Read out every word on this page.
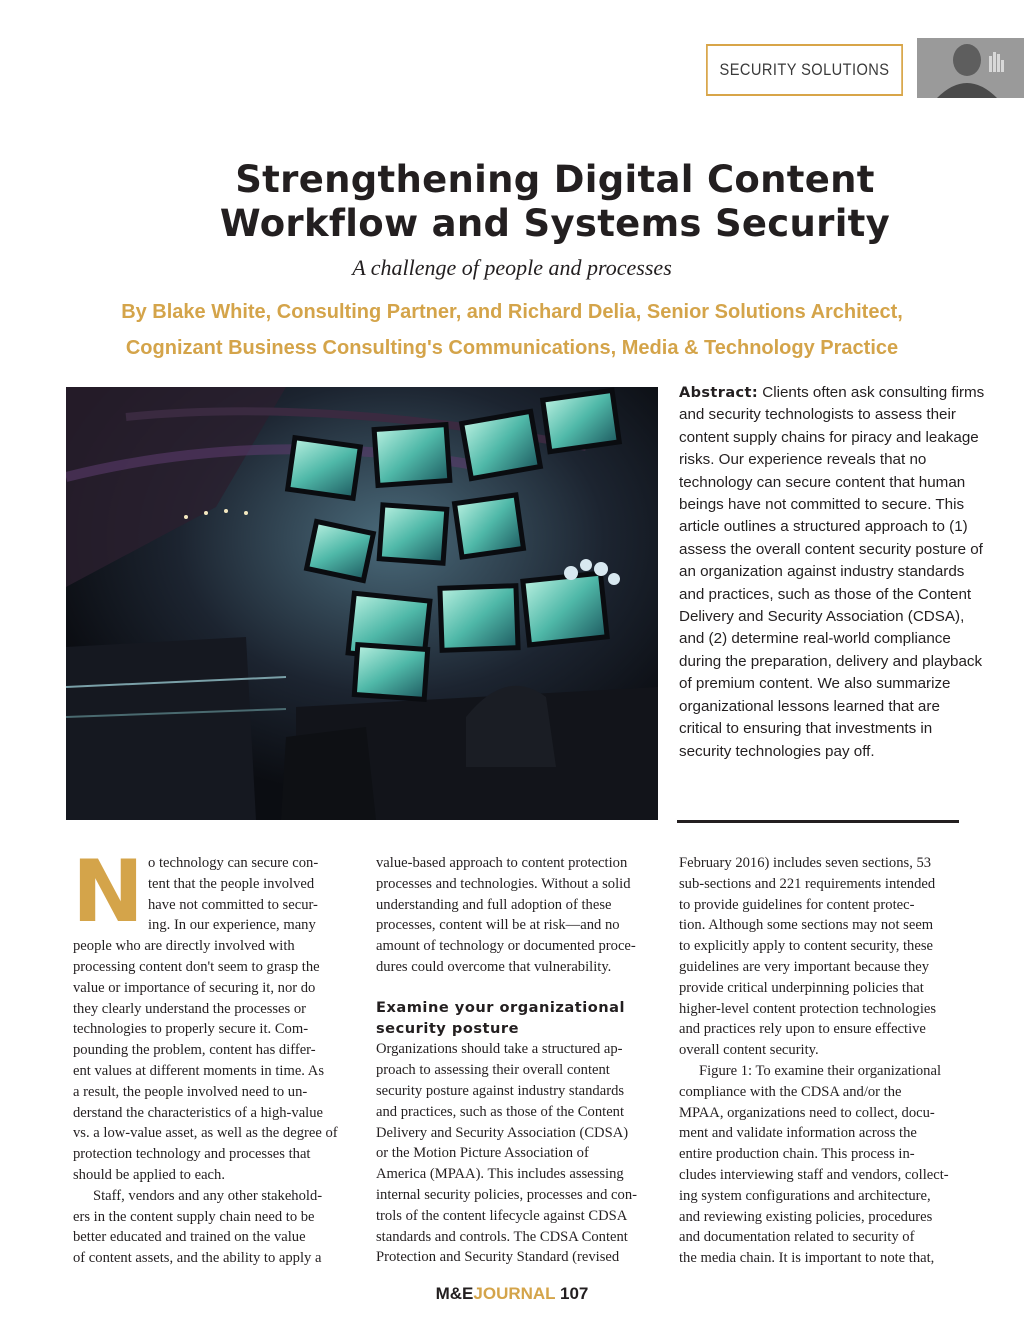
SECURITY SOLUTIONS
Strengthening Digital Content
Workflow and Systems Security
A challenge of people and processes
By Blake White, Consulting Partner, and Richard Delia, Senior Solutions Architect,
Cognizant Business Consulting's Communications, Media & Technology Practice
Abstract: Clients often ask consulting firms and security technologists to assess their content supply chains for piracy and leakage risks. Our experience reveals that no technology can secure content that human beings have not committed to secure. This article outlines a structured approach to (1) assess the overall content security posture of an organization against industry standards and practices, such as those of the Content Delivery and Security Association (CDSA), and (2) determine real-world compliance during the preparation, delivery and playback of premium content. We also summarize organizational lessons learned that are critical to ensuring that investments in security technologies pay off.
N o technology can secure con-
tent that the people involved
have not committed to secur-
ing. In our experience, many
people who are directly involved with
processing content don't seem to grasp the
value or importance of securing it, nor do
they clearly understand the processes or
technologies to properly secure it. Com-
pounding the problem, content has differ-
ent values at different moments in time. As
a result, the people involved need to un-
derstand the characteristics of a high-value
vs. a low-value asset, as well as the degree of
protection technology and processes that
should be applied to each.
Staff, vendors and any other stakehold-
ers in the content supply chain need to be
better educated and trained on the value
of content assets, and the ability to apply a
value-based approach to content protection
processes and technologies. Without a solid
understanding and full adoption of these
processes, content will be at risk—and no
amount of technology or documented proce-
dures could overcome that vulnerability.
Examine your organizational
security posture
Organizations should take a structured ap-
proach to assessing their overall content
security posture against industry standards
and practices, such as those of the Content
Delivery and Security Association (CDSA)
or the Motion Picture Association of
America (MPAA). This includes assessing
internal security policies, processes and con-
trols of the content lifecycle against CDSA
standards and controls. The CDSA Content
Protection and Security Standard (revised
February 2016) includes seven sections, 53
sub-sections and 221 requirements intended
to provide guidelines for content protec-
tion. Although some sections may not seem
to explicitly apply to content security, these
guidelines are very important because they
provide critical underpinning policies that
higher-level content protection technologies
and practices rely upon to ensure effective
overall content security.
Figure 1: To examine their organizational
compliance with the CDSA and/or the
MPAA, organizations need to collect, docu-
ment and validate information across the
entire production chain. This process in-
cludes interviewing staff and vendors, collect-
ing system configurations and architecture,
and reviewing existing policies, procedures
and documentation related to security of
the media chain. It is important to note that,
M&EJOURNAL 107
